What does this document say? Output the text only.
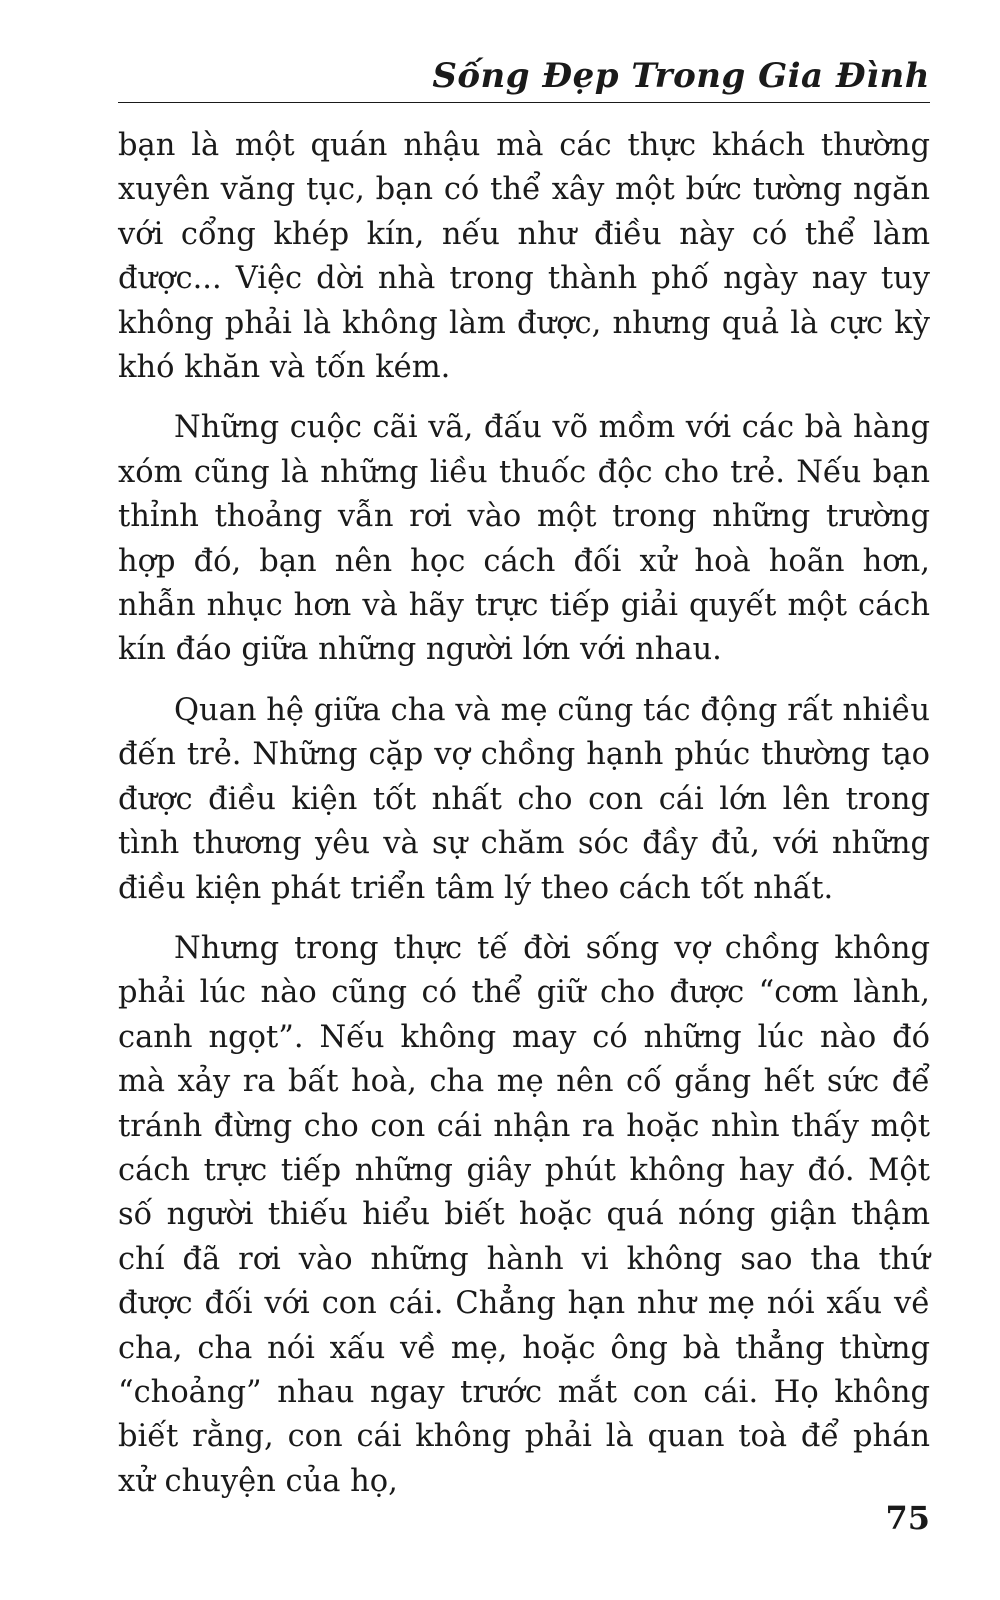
Sống Đẹp Trong Gia Đình

bạn là một quán nhậu mà các thực khách thường xuyên văng tục, bạn có thể xây một bức tường ngăn với cổng khép kín, nếu như điều này có thể làm được... Việc dời nhà trong thành phố ngày nay tuy không phải là không làm được, nhưng quả là cực kỳ khó khăn và tốn kém.

Những cuộc cãi vã, đấu võ mồm với các bà hàng xóm cũng là những liều thuốc độc cho trẻ. Nếu bạn thỉnh thoảng vẫn rơi vào một trong những trường hợp đó, bạn nên học cách đối xử hoà hoãn hơn, nhẫn nhục hơn và hãy trực tiếp giải quyết một cách kín đáo giữa những người lớn với nhau.

Quan hệ giữa cha và mẹ cũng tác động rất nhiều đến trẻ. Những cặp vợ chồng hạnh phúc thường tạo được điều kiện tốt nhất cho con cái lớn lên trong tình thương yêu và sự chăm sóc đầy đủ, với những điều kiện phát triển tâm lý theo cách tốt nhất.

Nhưng trong thực tế đời sống vợ chồng không phải lúc nào cũng có thể giữ cho được “cơm lành, canh ngọt”. Nếu không may có những lúc nào đó mà xảy ra bất hoà, cha mẹ nên cố gắng hết sức để tránh đừng cho con cái nhận ra hoặc nhìn thấy một cách trực tiếp những giây phút không hay đó. Một số người thiếu hiểu biết hoặc quá nóng giận thậm chí đã rơi vào những hành vi không sao tha thứ được đối với con cái. Chẳng hạn như mẹ nói xấu về cha, cha nói xấu về mẹ, hoặc ông bà thẳng thừng “choảng” nhau ngay trước mắt con cái. Họ không biết rằng, con cái không phải là quan toà để phán xử chuyện của họ,

75
